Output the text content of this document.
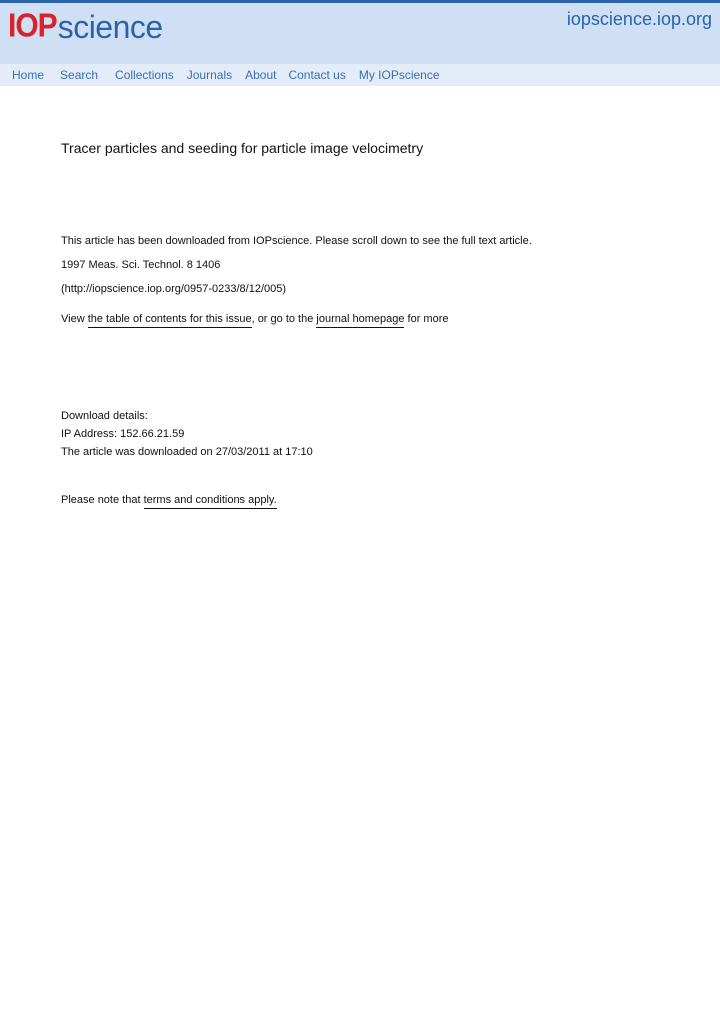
IOP science	iopscience.iop.org
Home Search Collections Journals About Contact us My IOPscience
Tracer particles and seeding for particle image velocimetry
This article has been downloaded from IOPscience. Please scroll down to see the full text article.
1997 Meas. Sci. Technol. 8 1406
(http://iopscience.iop.org/0957-0233/8/12/005)
View the table of contents for this issue, or go to the journal homepage for more
Download details:
IP Address: 152.66.21.59
The article was downloaded on 27/03/2011 at 17:10
Please note that terms and conditions apply.
